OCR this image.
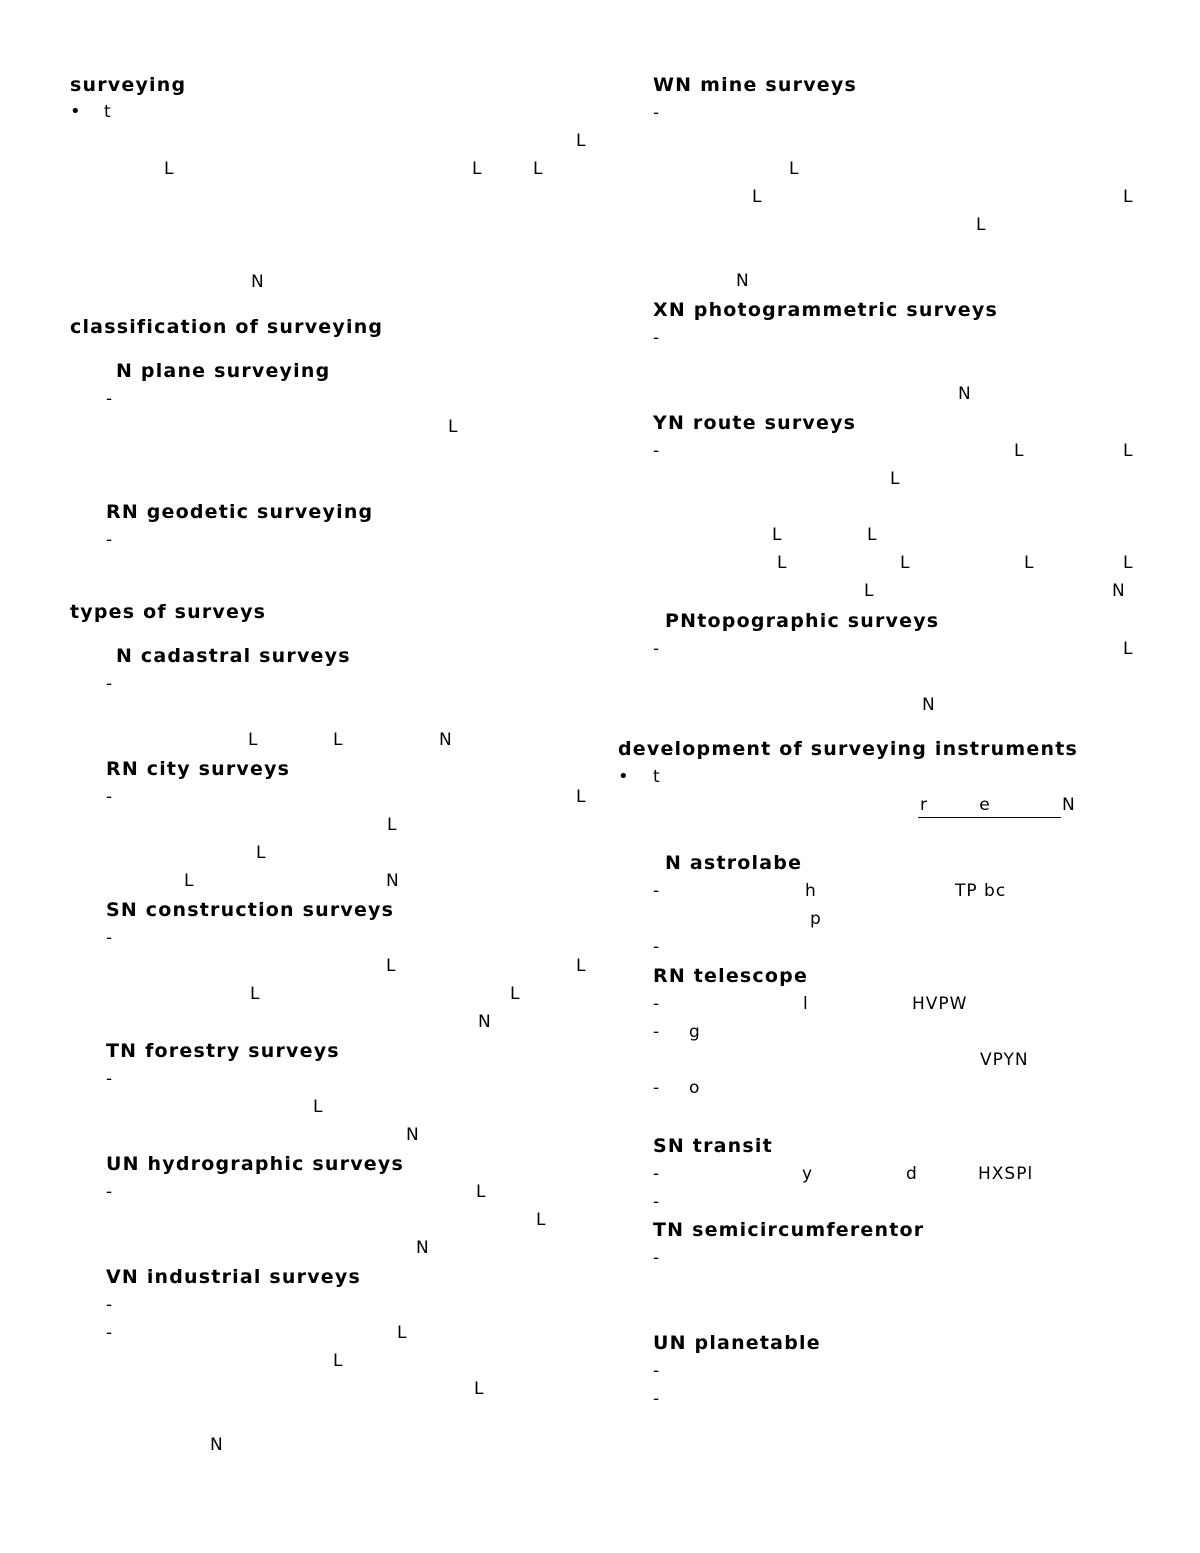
surveying
• t
L
L	L	L
N
classification of surveying
N plane surveying
-
L
RN geodetic surveying
-
types of surveys
N cadastral surveys
-
L	L	N
RN city surveys
-	L
L
L
L	N
SN construction surveys
-
L	L
L	L
N
TN forestry surveys
-
L
N
UN hydrographic surveys
-	L
L
N
VN industrial surveys
-
-	L
L
L
N
WN mine surveys
-
L
L	L
L
N
XN photogrammetric surveys
-
N
YN route surveys
-	L	L
L
L	L
L	L	L	L
L	N
PNtopographic surveys
-	L
N
development of surveying instruments
• t
r        e	N
N astrolabe
-	h	TP bc
p
-
RN telescope
-	l	HVPW
- g
VPYN
- o
SN transit
-	y	d	HXSPl
-
TN semicircumferentor
-
UN planetable
-
-
